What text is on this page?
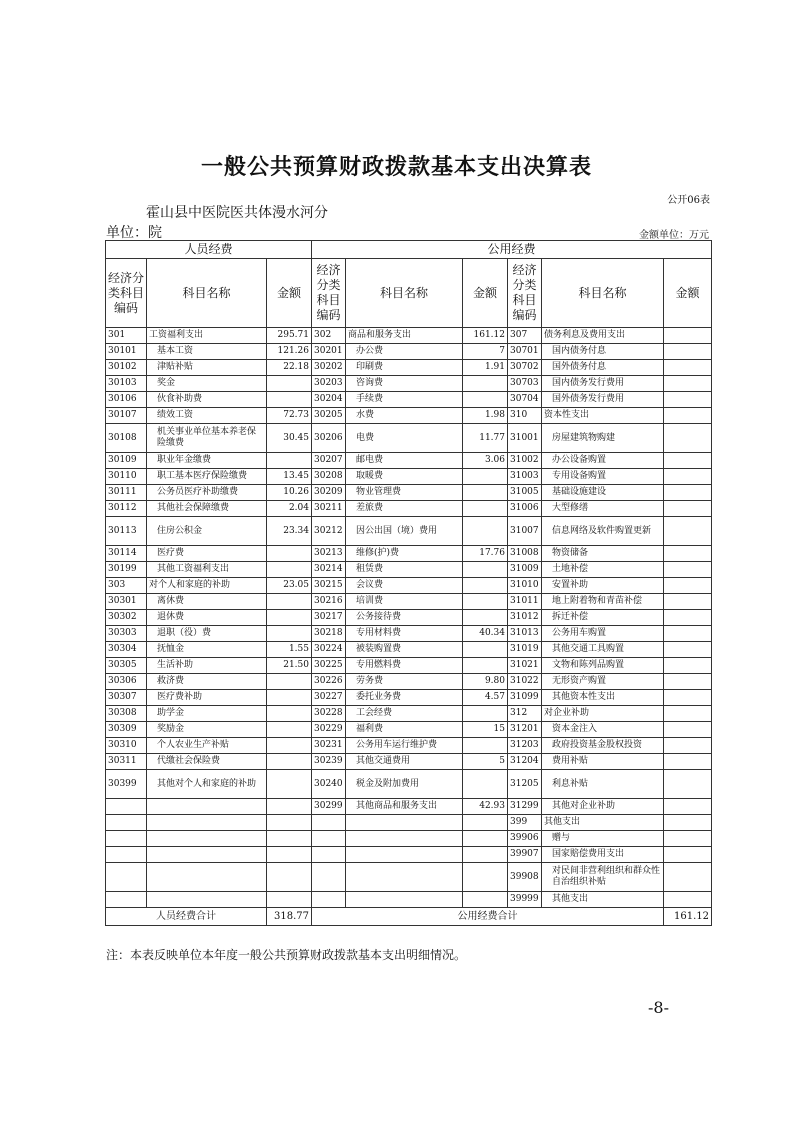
一般公共预算财政拨款基本支出决算表
公开06表
霍山县中医院医共体漫水河分
单位：院	金额单位：万元
人员经费			公用经费					
经济分类科目编码	科目名称	金额	经济分类科目编码	科目名称	金额	经济分类科目编码	科目名称	金额
301	工资福利支出	295.71	302	商品和服务支出	161.12	307	债务利息及费用支出	
30101	基本工资	121.26	30201	办公费	7	30701	国内债务付息	
30102	津贴补贴	22.18	30202	印刷费	1.91	30702	国外债务付息	
30103	奖金		30203	咨询费		30703	国内债务发行费用	
30106	伙食补助费		30204	手续费		30704	国外债务发行费用	
30107	绩效工资	72.73	30205	水费	1.98	310	资本性支出	
30108	机关事业单位基本养老保险缴费	30.45	30206	电费	11.77	31001	房屋建筑物购建	
30109	职业年金缴费		30207	邮电费	3.06	31002	办公设备购置	
30110	职工基本医疗保险缴费	13.45	30208	取暖费		31003	专用设备购置	
30111	公务员医疗补助缴费	10.26	30209	物业管理费		31005	基础设施建设	
30112	其他社会保障缴费	2.04	30211	差旅费		31006	大型修缮	
30113	住房公积金	23.34	30212	因公出国（境）费用		31007	信息网络及软件购置更新	
30114	医疗费		30213	维修(护)费	17.76	31008	物资储备	
30199	其他工资福利支出		30214	租赁费		31009	土地补偿	
303	对个人和家庭的补助	23.05	30215	会议费		31010	安置补助	
30301	离休费		30216	培训费		31011	地上附着物和青苗补偿	
30302	退休费		30217	公务接待费		31012	拆迁补偿	
30303	退职（役）费		30218	专用材料费	40.34	31013	公务用车购置	
30304	抚恤金	1.55	30224	被装购置费		31019	其他交通工具购置	
30305	生活补助	21.50	30225	专用燃料费		31021	文物和陈列品购置	
30306	救济费		30226	劳务费	9.80	31022	无形资产购置	
30307	医疗费补助		30227	委托业务费	4.57	31099	其他资本性支出	
30308	助学金		30228	工会经费		312	对企业补助	
30309	奖励金		30229	福利费	15	31201	资本金注入	
30310	个人农业生产补贴		30231	公务用车运行维护费		31203	政府投资基金股权投资	
30311	代缴社会保险费		30239	其他交通费用	5	31204	费用补贴	
30399	其他对个人和家庭的补助		30240	税金及附加费用		31205	利息补贴	
			30299	其他商品和服务支出	42.93	31299	其他对企业补助	
						399	其他支出	
						39906	赠与	
						39907	国家赔偿费用支出	
						39908	对民间非营利组织和群众性自治组织补贴	
						39999	其他支出	
人员经费合计		318.77	公用经费合计					161.12
注：本表反映单位本年度一般公共预算财政拨款基本支出明细情况。
-8-
